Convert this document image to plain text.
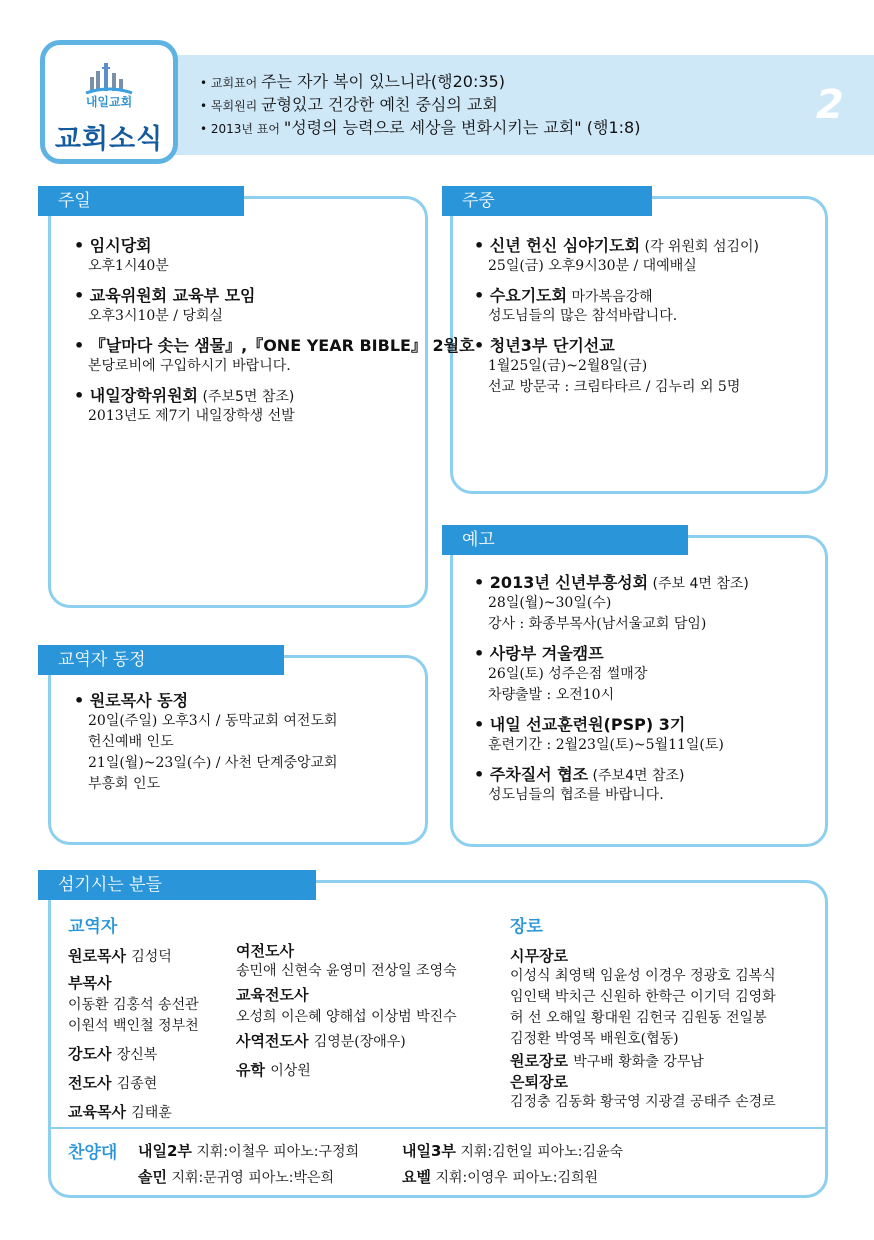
내일교회
교회소식
• 교회표어 주는 자가 복이 있느니라(행20:35)
• 목회원리 균형있고 건강한 예친 중심의 교회
• 2013년 표어 "성령의 능력으로 세상을 변화시키는 교회" (행1:8)	2
주일
• 임시당회
오후1시40분
• 교육위원회 교육부 모임
오후3시10분 / 당회실
• 『날마다 솟는 샘물』,『ONE YEAR BIBLE』 2월호
본당로비에 구입하시기 바랍니다.
• 내일장학위원회 (주보5면 참조)
2013년도 제7기 내일장학생 선발
주중
• 신년 헌신 심야기도회 (각 위원회 섬김이)
25일(금) 오후9시30분 / 대예배실
• 수요기도회 마가복음강해
성도님들의 많은 참석바랍니다.
• 청년3부 단기선교
1월25일(금)~2월8일(금)
선교 방문국 : 크림타타르 / 김누리 외 5명
예고
• 2013년 신년부흥성회 (주보 4면 참조)
28일(월)~30일(수)
강사 : 화종부목사(남서울교회 담임)
• 사랑부 겨울캠프
26일(토) 성주은점 썰매장
차량출발 : 오전10시
• 내일 선교훈련원(PSP) 3기
훈련기간 : 2월23일(토)~5월11일(토)
• 주차질서 협조 (주보4면 참조)
성도님들의 협조를 바랍니다.
교역자 동정
• 원로목사 동정
20일(주일) 오후3시 / 동막교회 여전도회
헌신예배 인도
21일(월)~23일(수) / 사천 단계중앙교회
부흥회 인도
섬기시는 분들
교역자
원로목사 김성덕
부목사
이동환 김홍석 송선관
이원석 백인철 정부천
강도사 장신복
전도사 김종현
교육목사 김태훈
여전도사
송민애 신현숙 윤영미 전상일 조영숙
교육전도사
오성희 이은혜 양해섭 이상범 박진수
사역전도사 김영분(장애우)
유학 이상원
장로
시무장로
이성식 최영택 임윤성 이경우 정광호 김복식
임인택 박치근 신원하 한학근 이기덕 김영화
허 선 오해일 황대원 김헌국 김원동 전일봉
김정환 박영목 배원호(협동)
원로장로 박구배 황화출 강무남
은퇴장로
김정충 김동화 황국영 지광결 공태주 손경로
찬양대 내일2부 지휘:이철우 피아노:구정희	내일3부 지휘:김헌일 피아노:김윤숙
솔민 지휘:문귀영 피아노:박은희	요벨 지휘:이영우 피아노:김희원
